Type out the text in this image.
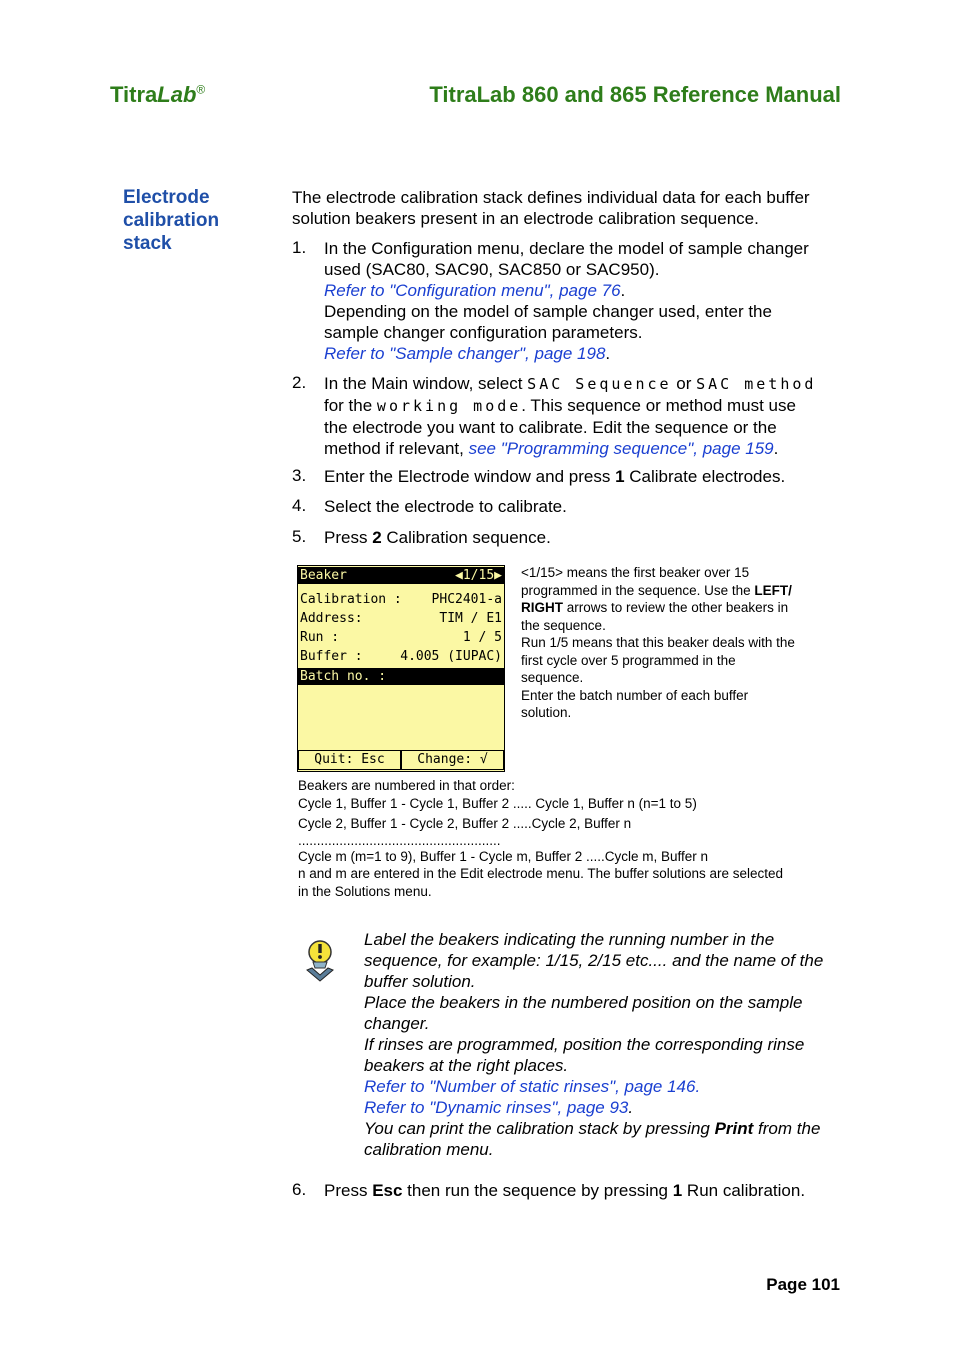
TitraLab®	TitraLab 860 and 865 Reference Manual
Electrode
calibration
stack
The electrode calibration stack defines individual data for each buffer solution beakers present in an electrode calibration sequence.
1. In the Configuration menu, declare the model of sample changer
used (SAC80, SAC90, SAC850 or SAC950).
Refer to "Configuration menu", page 76.
Depending on the model of sample changer used, enter the
sample changer configuration parameters.
Refer to "Sample changer", page 198.
2. In the Main window, select SAC Sequence or SAC method
for the working mode. This sequence or method must use
the electrode you want to calibrate. Edit the sequence or the
method if relevant, see "Programming sequence", page 159.
3. Enter the Electrode window and press 1 Calibrate electrodes.
4. Select the electrode to calibrate.
5. Press 2 Calibration sequence.
Beaker	◀1/15▶
Calibration : PHC2401-a
Address:	TIM / E1
Run :	1 / 5
Buffer :	4.005 (IUPAC)
Batch no. :
Quit: Esc	Change: √
<1/15> means the first beaker over 15
programmed in the sequence. Use the LEFT/
RIGHT arrows to review the other beakers in
the sequence.
Run 1/5 means that this beaker deals with the
first cycle over 5 programmed in the
sequence.
Enter the batch number of each buffer
solution.
Beakers are numbered in that order:
Cycle 1, Buffer 1 - Cycle 1, Buffer 2 ..... Cycle 1, Buffer n (n=1 to 5)
Cycle 2, Buffer 1 - Cycle 2, Buffer 2 .....Cycle 2, Buffer n
......................................................
Cycle m (m=1 to 9), Buffer 1 - Cycle m, Buffer 2 .....Cycle m, Buffer n
n and m are entered in the Edit electrode menu. The buffer solutions are selected
in the Solutions menu.
Label the beakers indicating the running number in the
sequence, for example: 1/15, 2/15 etc.... and the name of the
buffer solution.
Place the beakers in the numbered position on the sample
changer.
If rinses are programmed, position the corresponding rinse
beakers at the right places.
Refer to "Number of static rinses", page 146.
Refer to "Dynamic rinses", page 93.
You can print the calibration stack by pressing Print from the
calibration menu.
6. Press Esc then run the sequence by pressing 1 Run calibration.
Page 101
